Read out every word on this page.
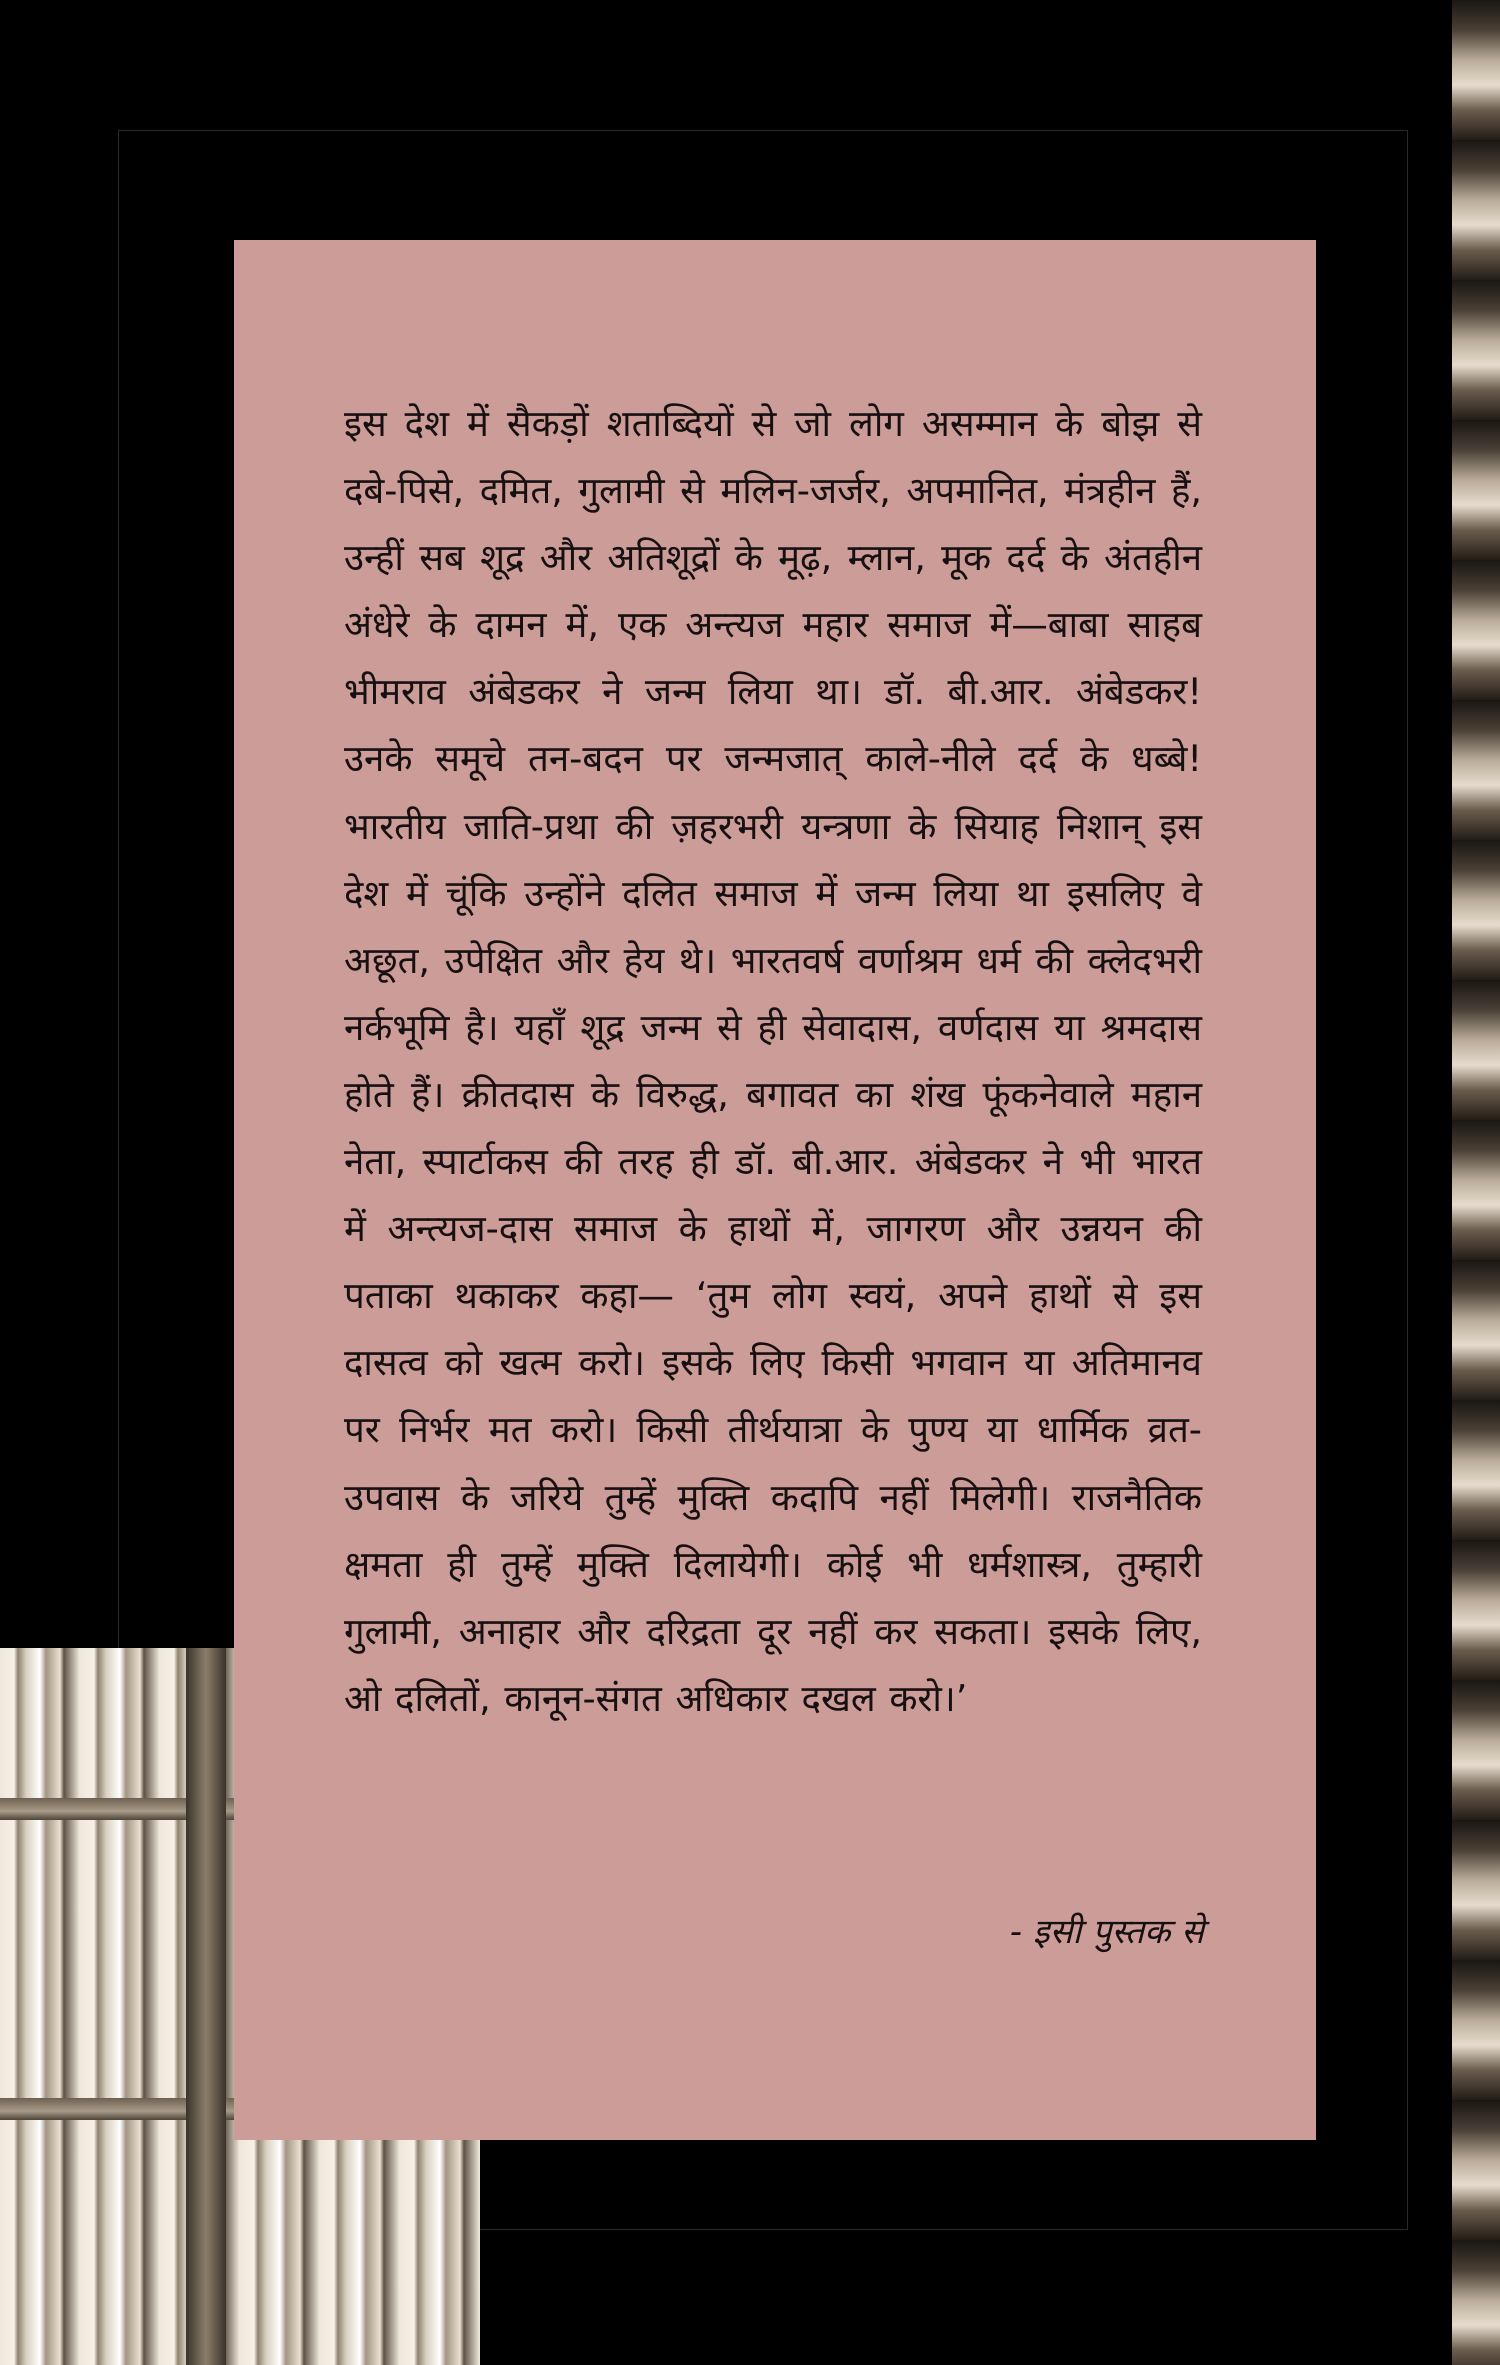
इस देश में सैकड़ों शताब्दियों से जो लोग असम्मान के बोझ से दबे-पिसे, दमित, गुलामी से मलिन-जर्जर, अपमानित, मंत्रहीन हैं, उन्हीं सब शूद्र और अतिशूद्रों के मूढ़, म्लान, मूक दर्द के अंतहीन अंधेरे के दामन में, एक अन्त्यज महार समाज में—बाबा साहब भीमराव अंबेडकर ने जन्म लिया था। डॉ. बी.आर. अंबेडकर! उनके समूचे तन-बदन पर जन्मजात् काले-नीले दर्द के धब्बे! भारतीय जाति-प्रथा की ज़हरभरी यन्त्रणा के सियाह निशान् इस देश में चूंकि उन्होंने दलित समाज में जन्म लिया था इसलिए वे अछूत, उपेक्षित और हेय थे। भारतवर्ष वर्णाश्रम धर्म की क्लेदभरी नर्कभूमि है। यहाँ शूद्र जन्म से ही सेवादास, वर्णदास या श्रमदास होते हैं। क्रीतदास के विरुद्ध, बगावत का शंख फूंकनेवाले महान नेता, स्पार्टाकस की तरह ही डॉ. बी.आर. अंबेडकर ने भी भारत में अन्त्यज-दास समाज के हाथों में, जागरण और उन्नयन की पताका थकाकर कहा— ‘तुम लोग स्वयं, अपने हाथों से इस दासत्व को खत्म करो। इसके लिए किसी भगवान या अतिमानव पर निर्भर मत करो। किसी तीर्थयात्रा के पुण्य या धार्मिक व्रत-उपवास के जरिये तुम्हें मुक्ति कदापि नहीं मिलेगी। राजनैतिक क्षमता ही तुम्हें मुक्ति दिलायेगी। कोई भी धर्मशास्त्र, तुम्हारी गुलामी, अनाहार और दरिद्रता दूर नहीं कर सकता। इसके लिए, ओ दलितों, कानून-संगत अधिकार दखल करो।’

- इसी पुस्तक से
